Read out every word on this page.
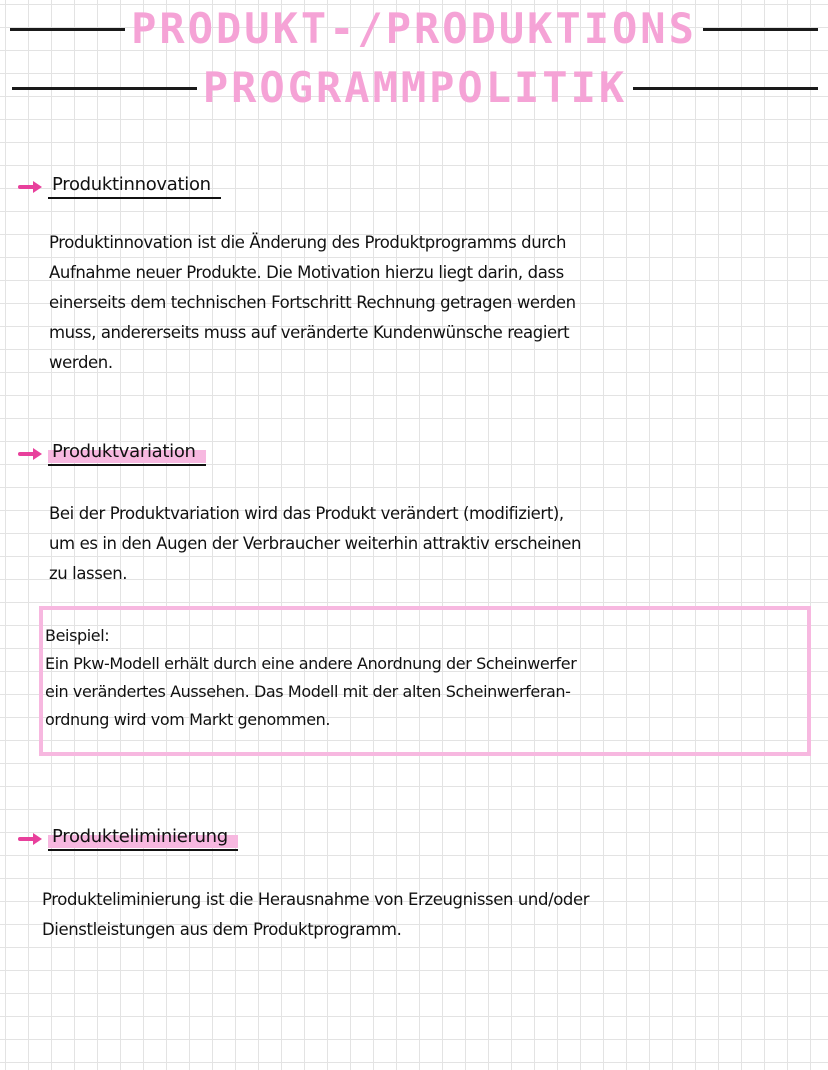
PRODUKT-/PRODUKTIONS
PROGRAMMPOLITIK
Produktinnovation
Produktinnovation ist die Änderung des Produktprogramms durch
Aufnahme neuer Produkte. Die Motivation hierzu liegt darin, dass
einerseits dem technischen Fortschritt Rechnung getragen werden
muss, andererseits muss auf veränderte Kundenwünsche reagiert
werden.
Produktvariation
Bei der Produktvariation wird das Produkt verändert (modifiziert),
um es in den Augen der Verbraucher weiterhin attraktiv erscheinen
zu lassen.
Beispiel:
Ein Pkw-Modell erhält durch eine andere Anordnung der Scheinwerfer
ein verändertes Aussehen. Das Modell mit der alten Scheinwerferan-
ordnung wird vom Markt genommen.
Produkteliminierung
Produkteliminierung ist die Herausnahme von Erzeugnissen und/oder
Dienstleistungen aus dem Produktprogramm.
